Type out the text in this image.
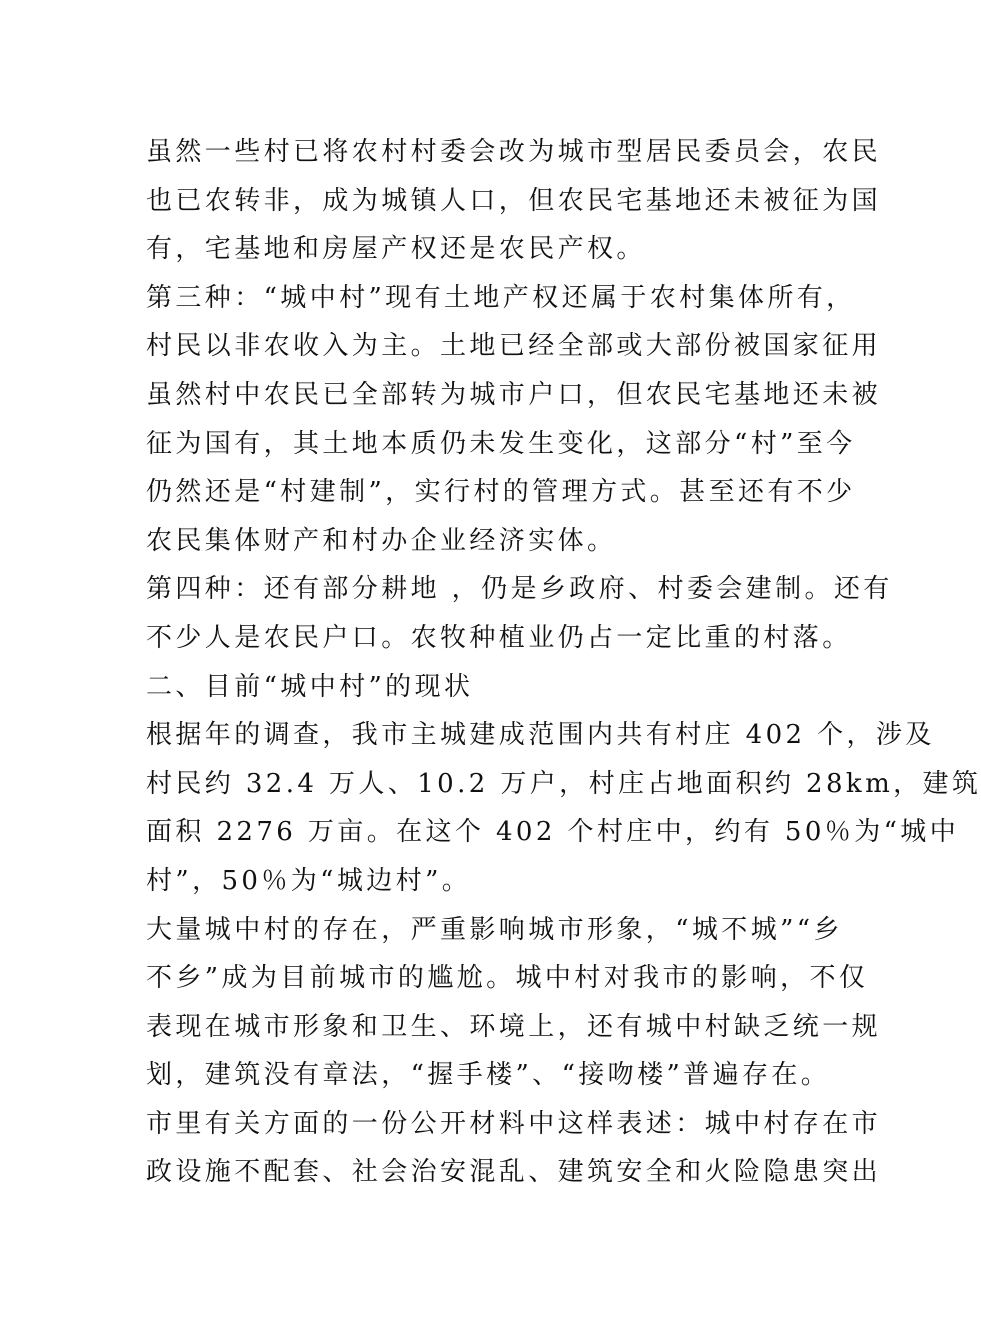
虽然一些村已将农村村委会改为城市型居民委员会，农民
也已农转非，成为城镇人口，但农民宅基地还未被征为国
有，宅基地和房屋产权还是农民产权。
第三种：“城中村”现有土地产权还属于农村集体所有，
村民以非农收入为主。土地已经全部或大部份被国家征用
虽然村中农民已全部转为城市户口，但农民宅基地还未被
征为国有，其土地本质仍未发生变化，这部分“村”至今
仍然还是“村建制”，实行村的管理方式。甚至还有不少
农民集体财产和村办企业经济实体。
第四种：还有部分耕地 ，仍是乡政府、村委会建制。还有
不少人是农民户口。农牧种植业仍占一定比重的村落。
二、目前“城中村”的现状
根据年的调查，我市主城建成范围内共有村庄 402 个，涉及
村民约 32.4 万人、10.2 万户，村庄占地面积约 28km，建筑
面积 2276 万亩。在这个 402 个村庄中，约有 50％为“城中
村”，50％为“城边村”。
大量城中村的存在，严重影响城市形象，“城不城”“乡
不乡”成为目前城市的尴尬。城中村对我市的影响，不仅
表现在城市形象和卫生、环境上，还有城中村缺乏统一规
划，建筑没有章法，“握手楼”、“接吻楼”普遍存在。
市里有关方面的一份公开材料中这样表述：城中村存在市
政设施不配套、社会治安混乱、建筑安全和火险隐患突出
